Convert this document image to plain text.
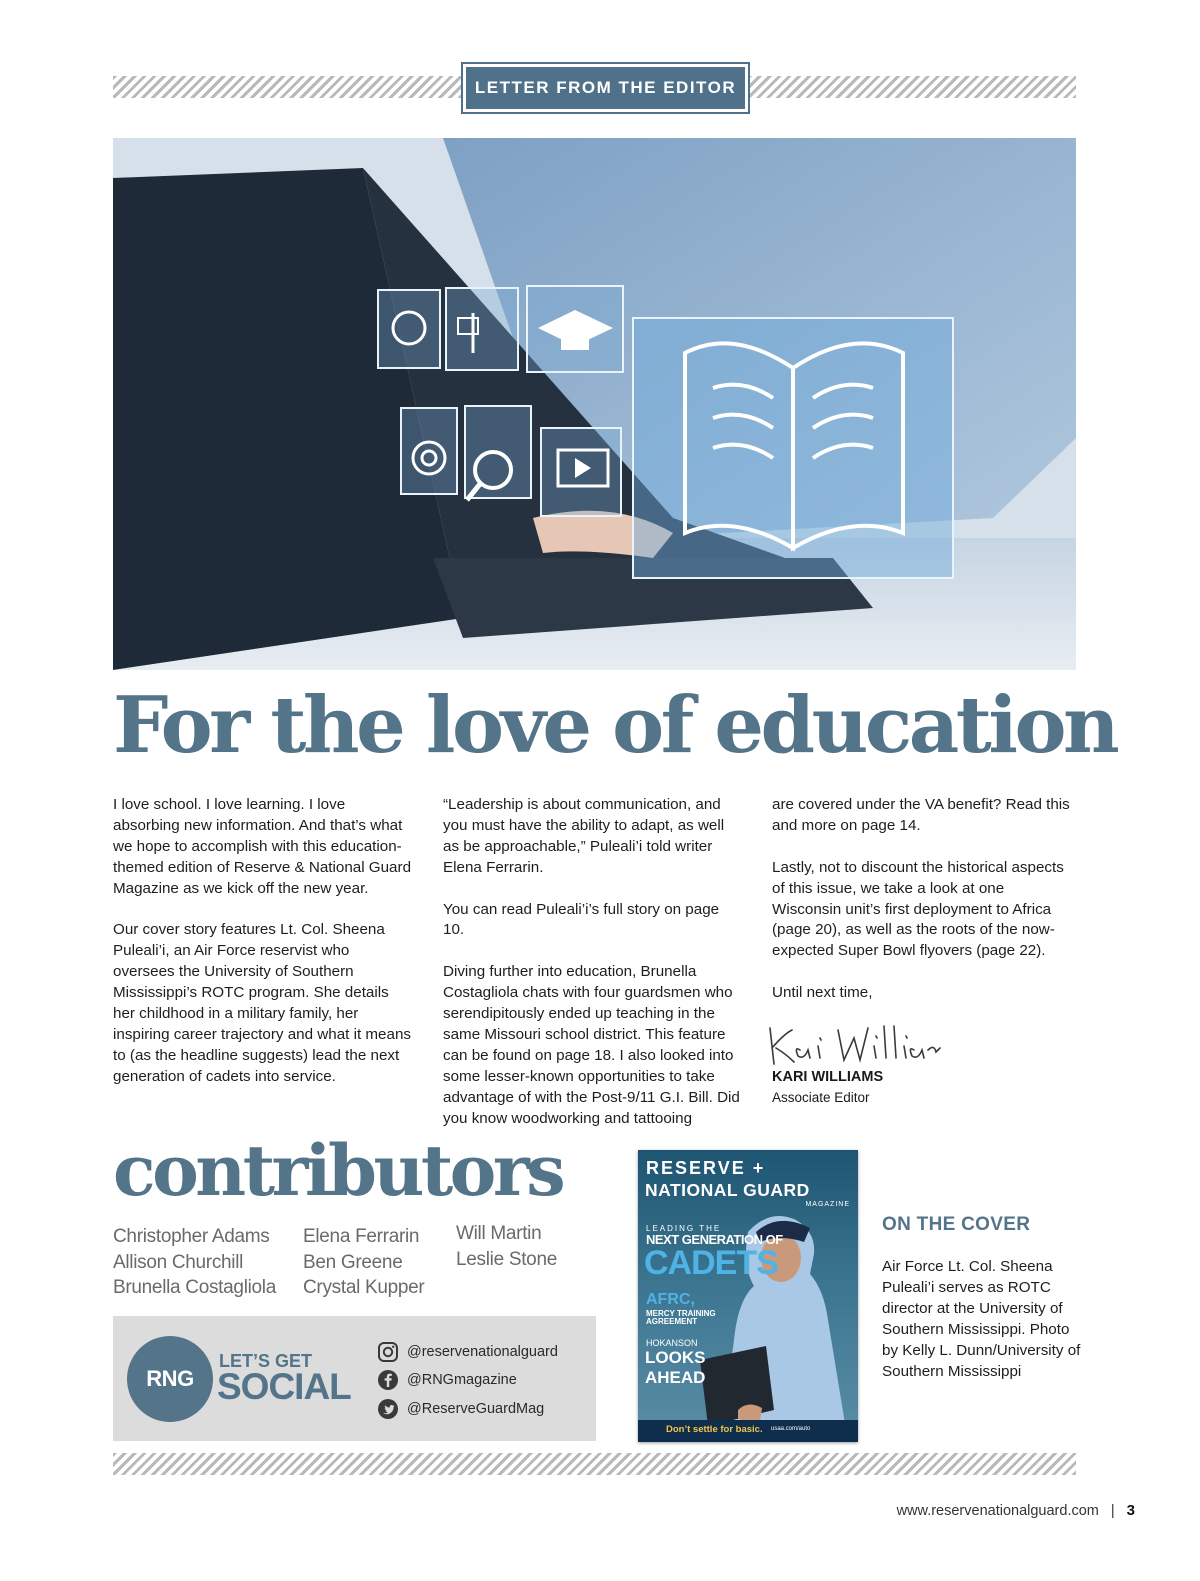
LETTER FROM THE EDITOR
For the love of education

I love school. I love learning. I love absorbing new information. And that’s what we hope to accomplish with this education-themed edition of Reserve & National Guard Magazine as we kick off the new year.

Our cover story features Lt. Col. Sheena Puleali’i, an Air Force reservist who oversees the University of Southern Mississippi’s ROTC program. She details her childhood in a military family, her inspiring career trajectory and what it means to (as the headline suggests) lead the next generation of cadets into service.

“Leadership is about communication, and you must have the ability to adapt, as well as be approachable,” Puleali’i told writer Elena Ferrarin.

You can read Puleali’i’s full story on page 10.

Diving further into education, Brunella Costagliola chats with four guardsmen who serendipitously ended up teaching in the same Missouri school district. This feature can be found on page 18. I also looked into some lesser-known opportunities to take advantage of with the Post-9/11 G.I. Bill. Did you know woodworking and tattooing

are covered under the VA benefit? Read this and more on page 14.

Lastly, not to discount the historical aspects of this issue, we take a look at one Wisconsin unit’s first deployment to Africa (page 20), as well as the roots of the now-expected Super Bowl flyovers (page 22).

Until next time,

KARI WILLIAMS
Associate Editor
contributors
Christopher Adams
Allison Churchill
Brunella Costagliola
Elena Ferrarin
Ben Greene
Crystal Kupper
Will Martin
Leslie Stone
RNG
LET’S GET
SOCIAL
@reservenationalguard
@RNGmagazine
@ReserveGuardMag
RESERVE +
NATIONAL GUARD
MAGAZINE
LEADING THE
NEXT GENERATION OF
CADETS
AFRC,
MERCY TRAINING
AGREEMENT
HOKANSON
LOOKS
AHEAD
Don’t settle for basic. usaa.com/auto
ON THE COVER
Air Force Lt. Col. Sheena Puleali’i serves as ROTC director at the University of Southern Mississippi. Photo by Kelly L. Dunn/University of Southern Mississippi
www.reservenationalguard.com | 3
